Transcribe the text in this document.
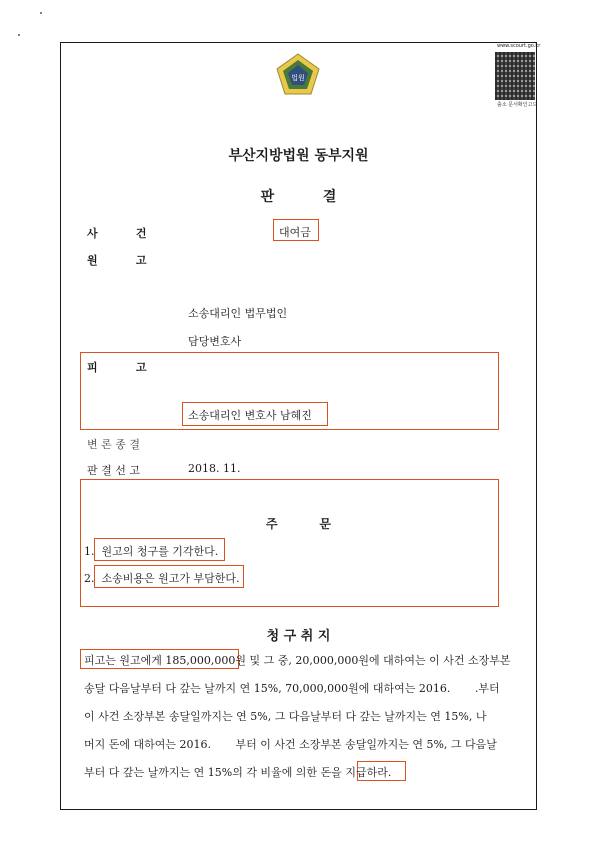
법원
www.scourt.go.kr
출소 문서확인고드
부산지방법원 동부지원
판          결
사          건	대여금
원          고
소송대리인 법무법인
담당변호사
피          고
소송대리인 변호사 남혜진
변 론 종 결
판 결 선 고	2018. 11.
주          문
1.  원고의 청구를 기각한다.
2.  소송비용은 원고가 부담한다.
청 구 취 지
피고는 원고에게 185,000,000원 및 그 중, 20,000,000원에 대하여는 이 사건 소장부본
송달 다음날부터 다 갚는 날까지 연 15%, 70,000,000원에 대하여는 2016.       .부터
이 사건 소장부본 송달일까지는 연 5%, 그 다음날부터 다 갚는 날까지는 연 15%, 나
머지 돈에 대하여는 2016.       부터 이 사건 소장부본 송달일까지는 연 5%, 그 다음날
부터 다 갚는 날까지는 연 15%의 각 비율에 의한 돈을 지급하라.
